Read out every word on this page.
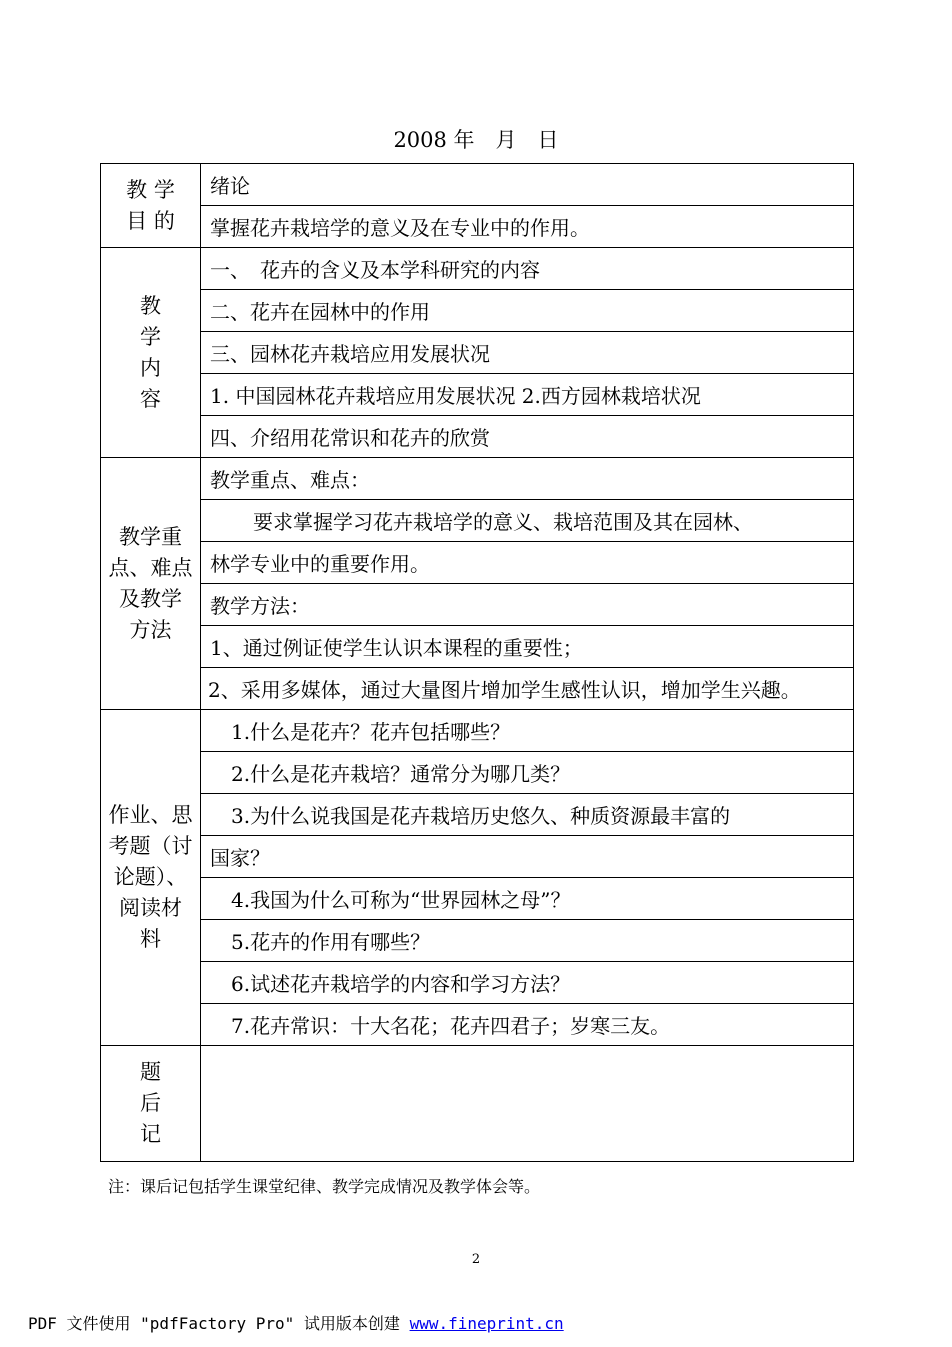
2008 年　月　日
教 学
目 的	绪论
	掌握花卉栽培学的意义及在专业中的作用。

教
学
内
容	一、　花卉的含义及本学科研究的内容
	二、花卉在园林中的作用
	三、园林花卉栽培应用发展状况
	1. 中国园林花卉栽培应用发展状况 2.西方园林栽培状况
	四、介绍用花常识和花卉的欣赏

教学重
点、难点
及教学
方法	教学重点、难点：
	要求掌握学习花卉栽培学的意义、栽培范围及其在园林、
	林学专业中的重要作用。
	教学方法：
	1、通过例证使学生认识本课程的重要性；
	2、采用多媒体，通过大量图片增加学生感性认识，增加学生兴趣。

作业、思
考题（讨
论题）、
阅读材
料	1.什么是花卉？花卉包括哪些？
	2.什么是花卉栽培？通常分为哪几类？
	3.为什么说我国是花卉栽培历史悠久、种质资源最丰富的
	国家？
	4.我国为什么可称为“世界园林之母”？
	5.花卉的作用有哪些？
	6.试述花卉栽培学的内容和学习方法？
	7.花卉常识：十大名花；花卉四君子；岁寒三友。

题
后
记	

注：课后记包括学生课堂纪律、教学完成情况及教学体会等。
2
PDF 文件使用 "pdfFactory Pro" 试用版本创建 www.fineprint.cn
